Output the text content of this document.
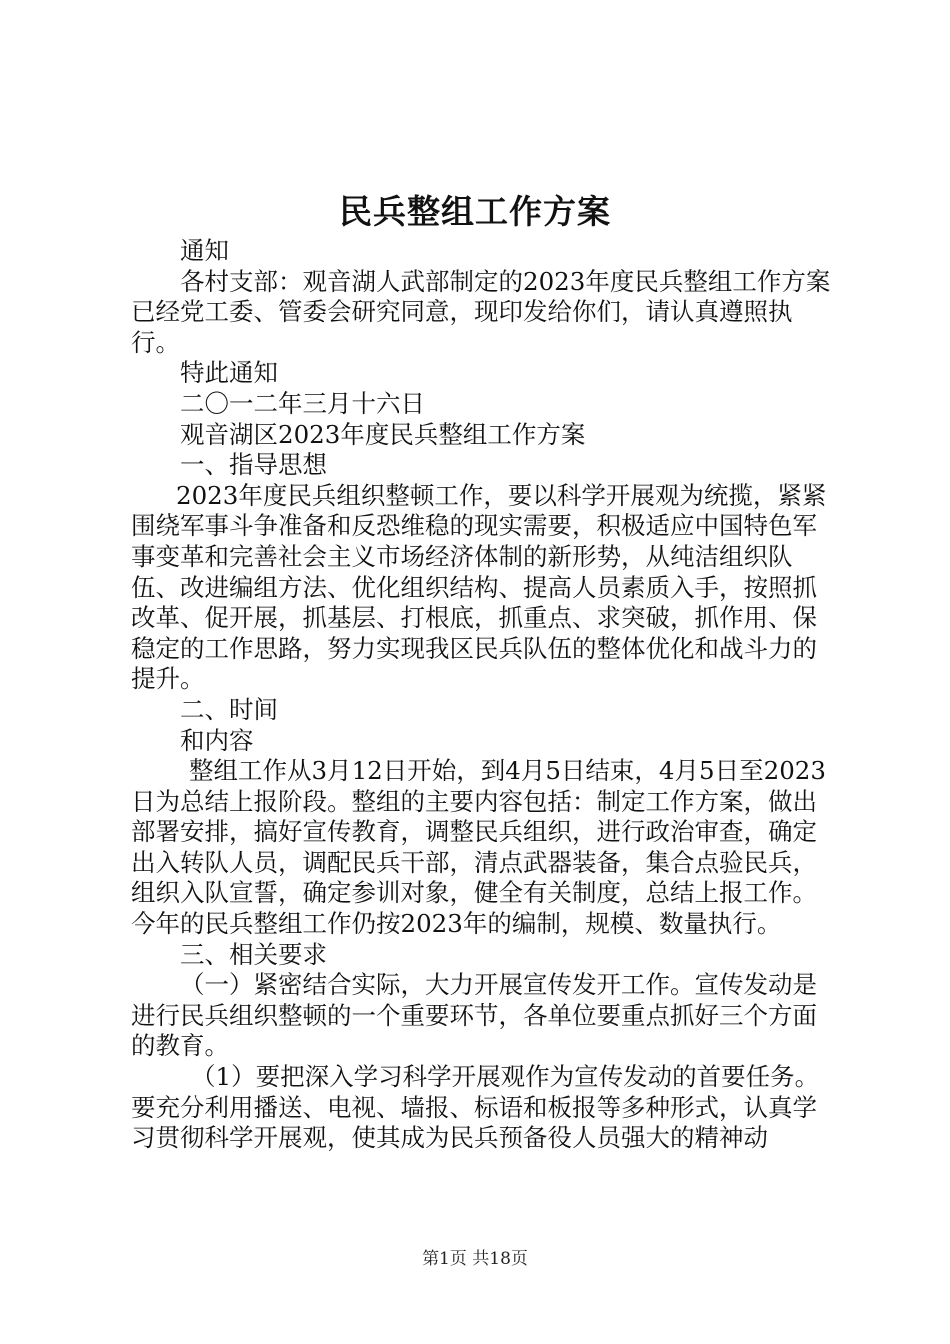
民兵整组工作方案

通知

各村支部：观音湖人武部制定的2023年度民兵整组工作方案已经党工委、管委会研究同意，现印发给你们，请认真遵照执行。

特此通知

二〇一二年三月十六日

观音湖区2023年度民兵整组工作方案

一、指导思想

2023年度民兵组织整顿工作，要以科学开展观为统揽，紧紧围绕军事斗争准备和反恐维稳的现实需要，积极适应中国特色军事变革和完善社会主义市场经济体制的新形势，从纯洁组织队伍、改进编组方法、优化组织结构、提高人员素质入手，按照抓改革、促开展，抓基层、打根底，抓重点、求突破，抓作用、保稳定的工作思路，努力实现我区民兵队伍的整体优化和战斗力的提升。

二、时间

和内容

整组工作从3月12日开始，到4月5日结束，4月5日至2023日为总结上报阶段。整组的主要内容包括：制定工作方案，做出部署安排，搞好宣传教育，调整民兵组织，进行政治审查，确定出入转队人员，调配民兵干部，清点武器装备，集合点验民兵，组织入队宣誓，确定参训对象，健全有关制度，总结上报工作。今年的民兵整组工作仍按2023年的编制，规模、数量执行。

三、相关要求

（一）紧密结合实际，大力开展宣传发开工作。宣传发动是进行民兵组织整顿的一个重要环节，各单位要重点抓好三个方面的教育。

（1）要把深入学习科学开展观作为宣传发动的首要任务。要充分利用播送、电视、墙报、标语和板报等多种形式，认真学习贯彻科学开展观，使其成为民兵预备役人员强大的精神动

第1页 共18页
